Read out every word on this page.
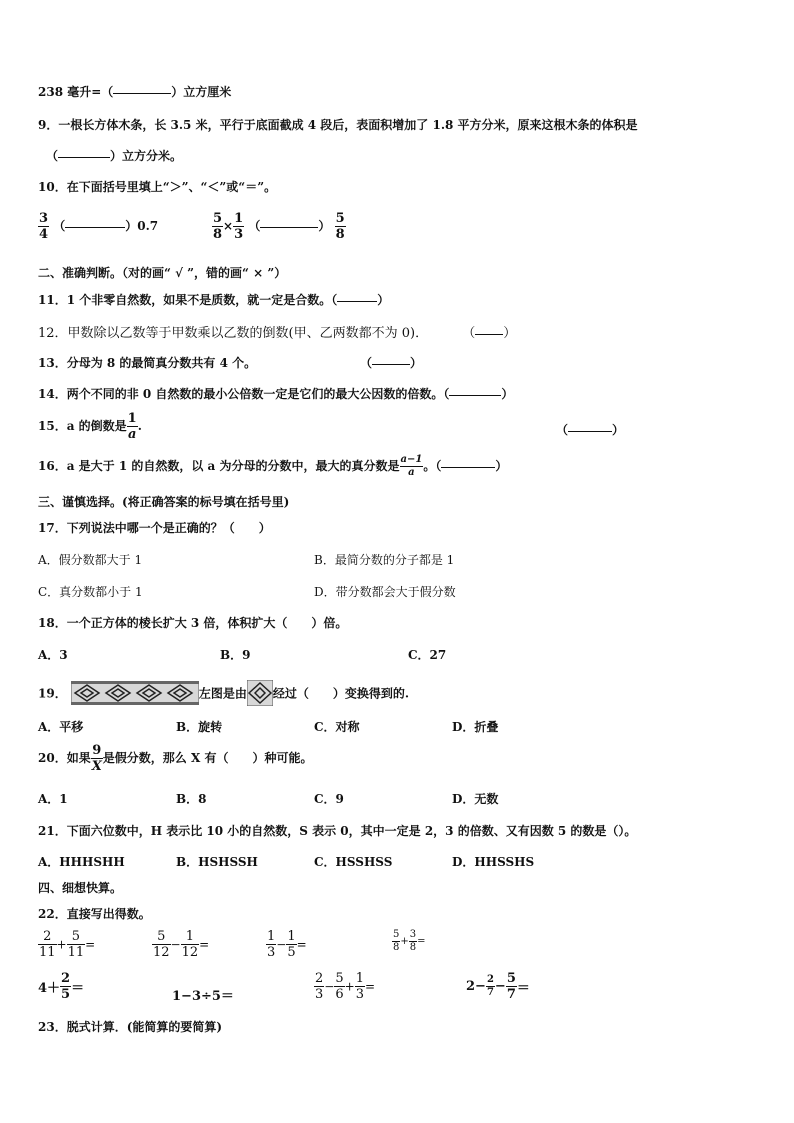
238 毫升=（	）立方厘米
9．一根长方体木条，长 3.5 米，平行于底面截成 4 段后，表面积增加了 1.8 平方分米，原来这根木条的体积是
（	）立方分米。
10．在下面括号里填上“＞”、“＜”或“＝”。
$\frac{3}{4}$ （	）0.7	$\frac{5}{8} \times \frac{1}{3}$ （	） $\frac{5}{8}$
二、准确判断。（对的画“ √ ”，错的画“ × ”）
11．1 个非零自然数，如果不是质数，就一定是合数。（	）
12．甲数除以乙数等于甲数乘以乙数的倒数(甲、乙两数都不为 0)．	（ ）
13．分母为 8 的最简真分数共有 4 个。	（	）
14．两个不同的非 0 自然数的最小公倍数一定是它们的最大公因数的倍数。（	）
15．a 的倒数是 $\frac{1}{a}$ .	（	）
16．a 是大于 1 的自然数，以 a 为分母的分数中，最大的真分数是 $\frac{a-1}{a}$ 。（	）
三、谨慎选择。(将正确答案的标号填在括号里)
17．下列说法中哪一个是正确的？（　　）
A．假分数都大于 1	B．最简分数的分子都是 1
C．真分数都小于 1	D．带分数都会大于假分数
18．一个正方体的棱长扩大 3 倍，体积扩大（　　）倍。
A．3	B．9	C．27
19．	左图是由 经过（　　）变换得到的.
A．平移	B．旋转	C．对称	D．折叠
20．如果 $\frac{9}{X}$ 是假分数，那么 X 有（　　）种可能。
A．1	B．8	C．9	D．无数
21．下面六位数中，H 表示比 10 小的自然数，S 表示 0，其中一定是 2，3 的倍数、又有因数 5 的数是（）。
A．HHHSHH	B．HSHSSH	C．HSSHSS	D．HHSSHS
四、细想快算。
22．直接写出得数。
$\frac{2}{11} + \frac{5}{11}$ =	$\frac{5}{12} - \frac{1}{12}$ =	$\frac{1}{3} - \frac{1}{5}$ =	$\frac{5}{8} + \frac{3}{8}$ =
$4+ \frac{2}{5}$ ＝
1−3÷5＝	$\frac{2}{3} - \frac{5}{6} + \frac{1}{3}$ =	$2- \frac{2}{7} - \frac{5}{7}$ ＝
23．脱式计算．(能简算的要简算)
